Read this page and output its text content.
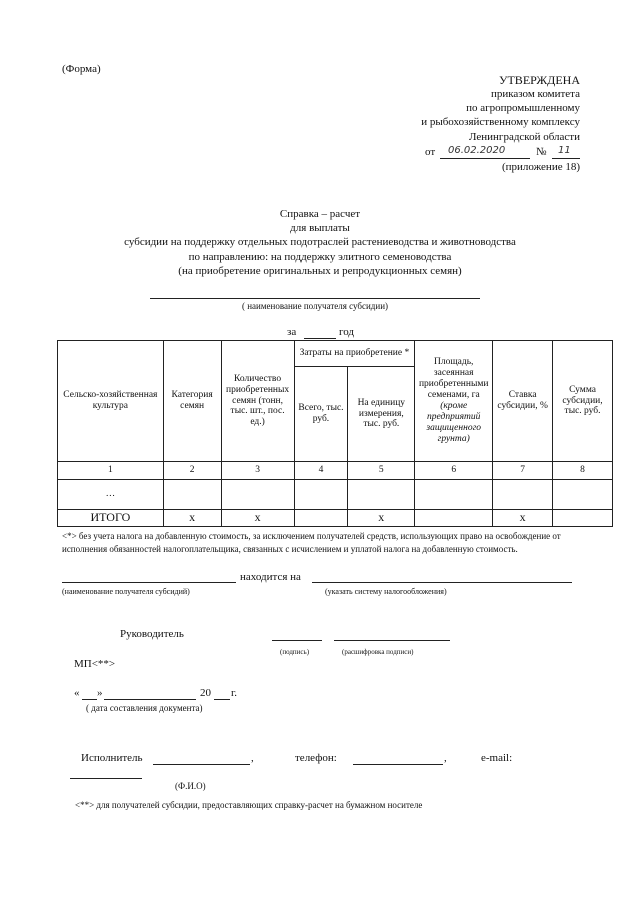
(Форма)
УТВЕРЖДЕНА
приказом комитета
по агропромышленному
и рыбохозяйственному комплексу
Ленинградской области
от 06.02.2020	№ 11
(приложение 18)
Справка – расчет
для выплаты
субсидии на поддержку отдельных подотраслей растениеводства и животноводства
по направлению: на поддержку элитного семеноводства
(на приобретение оригинальных и репродукционных семян)
( наименование получателя субсидии)
за	год
Сельско-хозяйственная культура	Категория семян	Количество приобретенных семян (тонн, тыс. шт., пос. ед.)	Затраты на приобретение *		Площадь, засеянная приобретенными семенами, га (кроме предприятий защищенного грунта)	Ставка субсидии, %	Сумма субсидии, тыс. руб.
			Всего, тыс. руб.	На единицу измерения, тыс. руб.			
1	2	3	4	5	6	7	8
…							
ИТОГО	х	х		х		х	
<*> без учета налога на добавленную стоимость, за исключением получателей средств, использующих право на освобождение от исполнения обязанностей налогоплательщика, связанных с исчислением и уплатой налога на добавленную стоимость.
находится на
(наименование получателя субсидий)	(указать систему налогообложения)
Руководитель
(подпись)	(расшифровка подписи)
МП<**>
« »	20 г.
( дата составления документа)
Исполнитель	,	телефон:	,	e-mail:
(Ф.И.О)
<**> для получателей субсидии, предоставляющих справку-расчет на бумажном носителе
